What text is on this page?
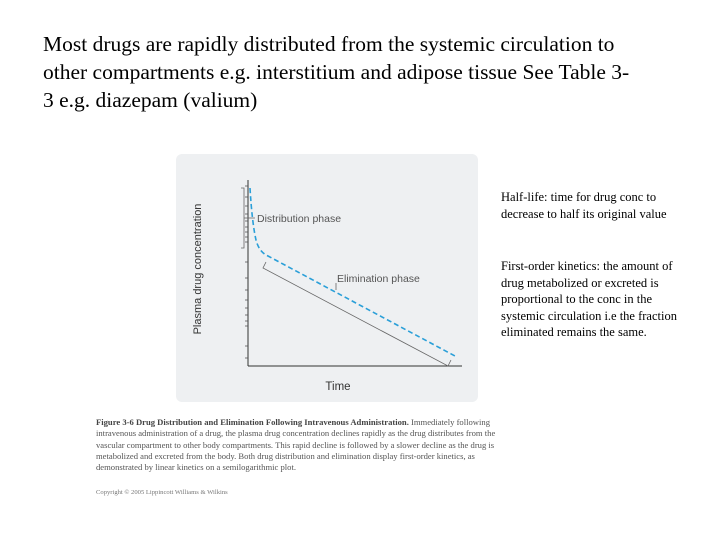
Most drugs are rapidly distributed from the systemic circulation to
other compartments e.g. interstitium and adipose tissue See Table 3-
3 e.g. diazepam (valium)
Distribution phase
Elimination phase
Time
Plasma drug concentration
Half-life: time for drug conc to
decrease to half its original value
First-order kinetics: the amount of
drug metabolized or excreted is
proportional to the conc in the
systemic circulation i.e the fraction
eliminated remains the same.
Figure 3-6 Drug Distribution and Elimination Following Intravenous Administration. Immediately following
intravenous administration of a drug, the plasma drug concentration declines rapidly as the drug distributes from the
vascular compartment to other body compartments. This rapid decline is followed by a slower decline as the drug is
metabolized and excreted from the body. Both drug distribution and elimination display first-order kinetics, as
demonstrated by linear kinetics on a semilogarithmic plot.
Copyright © 2005 Lippincott Williams & Wilkins
